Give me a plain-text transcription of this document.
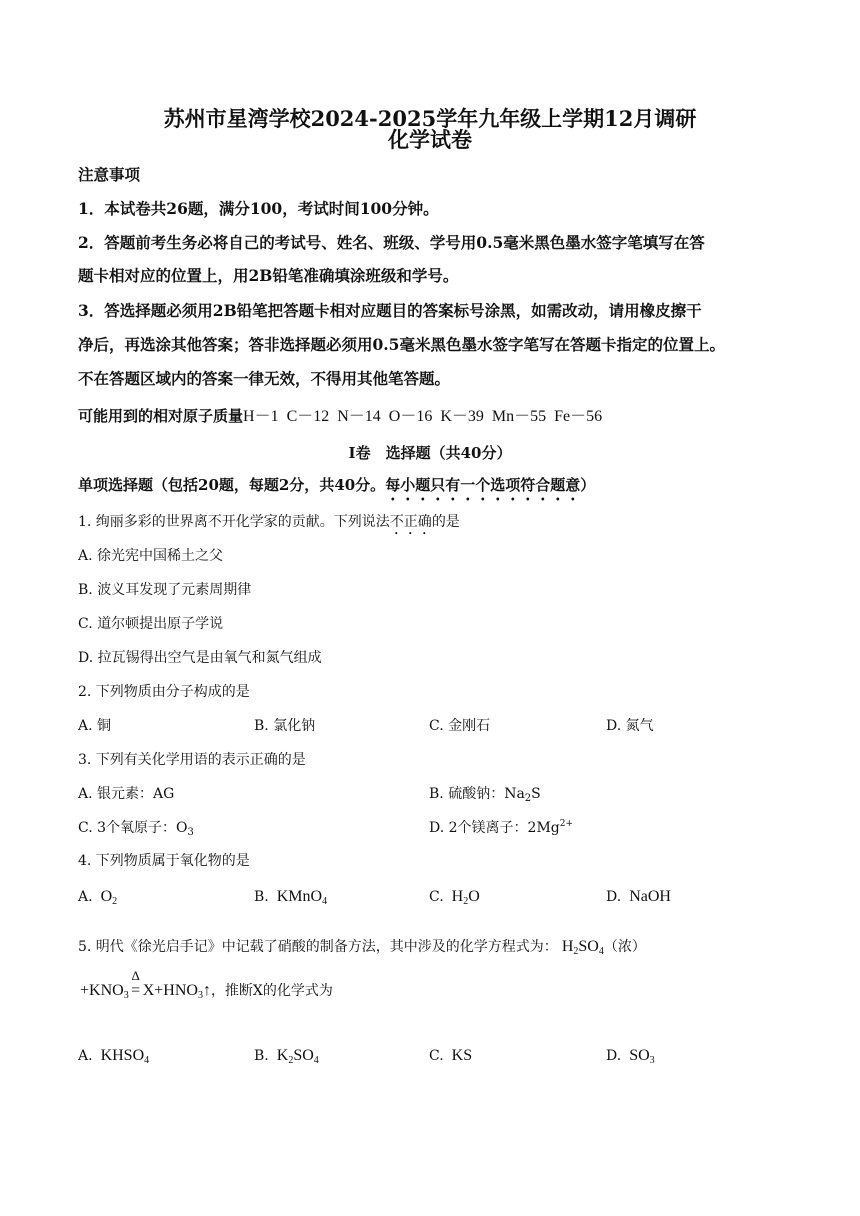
苏州市星湾学校2024-2025学年九年级上学期12月调研
化学试卷
注意事项
1．本试卷共26题，满分100，考试时间100分钟。
2．答题前考生务必将自己的考试号、姓名、班级、学号用0.5毫米黑色墨水签字笔填写在答
题卡相对应的位置上，用2B铅笔准确填涂班级和学号。
3．答选择题必须用2B铅笔把答题卡相对应题目的答案标号涂黑，如需改动，请用橡皮擦干
净后，再选涂其他答案；答非选择题必须用0.5毫米黑色墨水签字笔写在答题卡指定的位置上。
不在答题区域内的答案一律无效，不得用其他笔答题。
可能用到的相对原子质量H－1  C－12  N－14  O－16  K－39  Mn－55  Fe－56
Ⅰ卷　选择题（共40分）
单项选择题（包括20题，每题2分，共40分。每小题只有一个选项符合题意）
1. 绚丽多彩的世界离不开化学家的贡献。下列说法不正确的是
A. 徐光宪中国稀土之父
B. 波义耳发现了元素周期律
C. 道尔顿提出原子学说
D. 拉瓦锡得出空气是由氧气和氮气组成
2. 下列物质由分子构成的是
A. 铜	B. 氯化钠	C. 金刚石	D. 氮气
3. 下列有关化学用语的表示正确的是
A. 银元素：AG	B. 硫酸钠：$Na_2S$
C. 3个氧原子：$O_3$	D. 2个镁离子：$2Mg^{2+}$
4. 下列物质属于氧化物的是
A. $O_2$	B. KMnO$_4$	C. $H_2O$	D. NaOH
5. 明代《徐光启手记》中记载了硝酸的制备方法，其中涉及的化学方程式为： $H_2SO_4$（浓）
$+KNO_3$
Δ
= $X+HNO_3↑$，推断X的化学式为
A. $KHSO_4$	B. $K_2SO_4$	C. KS	D. $SO_3$
